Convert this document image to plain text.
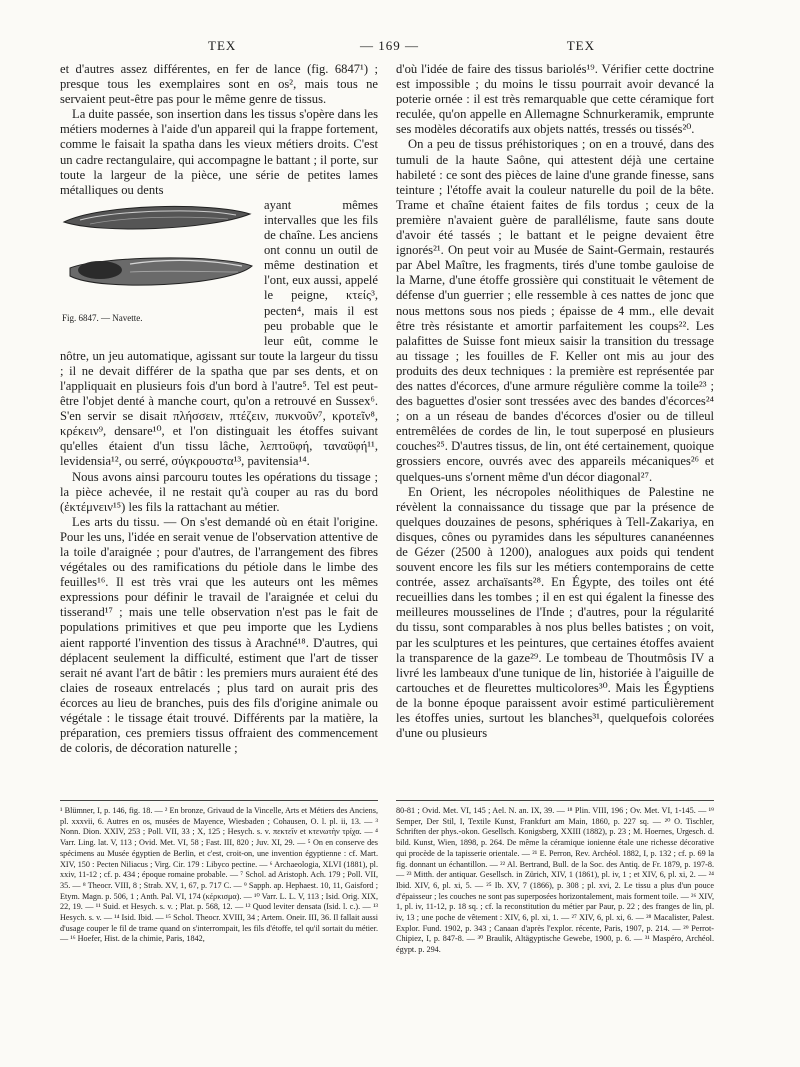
TEX	— 169 —	TEX

et d'autres assez différentes, en fer de lance (fig. 6847¹) ; presque tous les exemplaires sont en os², mais tous ne servaient peut-être pas pour le même genre de tissus.

La duite passée, son insertion dans les tissus s'opère dans les métiers modernes à l'aide d'un appareil qui la frappe fortement, comme le faisait la spatha dans les vieux métiers droits. C'est un cadre rectangulaire, qui accompagne le battant ; il porte, sur toute la largeur de la pièce, une série de petites lames métalliques ou dents

Fig. 6847. — Navette.

ayant mêmes intervalles que les fils de chaîne. Les anciens ont connu un outil de même destination et l'ont, eux aussi, appelé le peigne, κτείς³, pecten⁴, mais il est peu probable que le leur eût, comme le nôtre, un jeu automatique, agissant sur toute la largeur du tissu ; il ne devait différer de la spatha que par ses dents, et on l'appliquait en plusieurs fois d'un bord à l'autre⁵. Tel est peut-être l'objet denté à manche court, qu'on a retrouvé en Sussex⁶. S'en servir se disait πλήσσειν, πτέζειν, πυκνοῦν⁷, κροτεῖν⁸, κρέκειν⁹, densare¹⁰, et l'on distinguait les étoffes suivant qu'elles étaient d'un tissu lâche, λεπτοϋφή, ταναϋφή¹¹, levidensia¹², ou serré, σύγκρουστα¹³, pavitensia¹⁴.

Nous avons ainsi parcouru toutes les opérations du tissage ; la pièce achevée, il ne restait qu'à couper au ras du bord (ἐκτέμνειν¹⁵) les fils la rattachant au métier.

Les arts du tissu. — On s'est demandé où en était l'origine. Pour les uns, l'idée en serait venue de l'observation attentive de la toile d'araignée ; pour d'autres, de l'arrangement des fibres végétales ou des ramifications du pétiole dans le limbe des feuilles¹⁶. Il est très vrai que les auteurs ont les mêmes expressions pour définir le travail de l'araignée et celui du tisserand¹⁷ ; mais une telle observation n'est pas le fait de populations primitives et que peu importe que les Lydiens aient rapporté l'invention des tissus à Arachné¹⁸. D'autres, qui déplacent seulement la difficulté, estiment que l'art de tisser serait né avant l'art de bâtir : les premiers murs auraient été des claies de roseaux entrelacés ; plus tard on aurait pris des écorces au lieu de branches, puis des fils d'origine animale ou végétale : le tissage était trouvé. Différents par la matière, la préparation, ces premiers tissus offraient des commencement de coloris, de décoration naturelle ;

d'où l'idée de faire des tissus bariolés¹⁹. Vérifier cette doctrine est impossible ; du moins le tissu pourrait avoir devancé la poterie ornée : il est très remarquable que cette céramique fort reculée, qu'on appelle en Allemagne Schnurkeramik, emprunte ses modèles décoratifs aux objets nattés, tressés ou tissés²⁰.

On a peu de tissus préhistoriques ; on en a trouvé, dans des tumuli de la haute Saône, qui attestent déjà une certaine habileté : ce sont des pièces de laine d'une grande finesse, sans teinture ; l'étoffe avait la couleur naturelle du poil de la bête. Trame et chaîne étaient faites de fils tordus ; ceux de la première n'avaient guère de parallélisme, faute sans doute d'avoir été tassés ; le battant et le peigne devaient être ignorés²¹. On peut voir au Musée de Saint-Germain, restaurés par Abel Maître, les fragments, tirés d'une tombe gauloise de la Marne, d'une étoffe grossière qui constituait le vêtement de défense d'un guerrier ; elle ressemble à ces nattes de jonc que nous mettons sous nos pieds ; épaisse de 4 mm., elle devait être très résistante et amortir parfaitement les coups²². Les palafittes de Suisse font mieux saisir la transition du tressage au tissage ; les fouilles de F. Keller ont mis au jour des produits des deux techniques : la première est représentée par des nattes d'écorces, d'une armure régulière comme la toile²³ ; des baguettes d'osier sont tressées avec des bandes d'écorces²⁴ ; on a un réseau de bandes d'écorces d'osier ou de tilleul entremêlées de cordes de lin, le tout superposé en plusieurs couches²⁵. D'autres tissus, de lin, ont été certainement, quoique grossiers encore, ouvrés avec des appareils mécaniques²⁶ et quelques-uns s'ornent même d'un décor diagonal²⁷.

En Orient, les nécropoles néolithiques de Palestine ne révèlent la connaissance du tissage que par la présence de quelques douzaines de pesons, sphériques à Tell-Zakariya, en disques, cônes ou pyramides dans les sépultures cananéennes de Gézer (2500 à 1200), analogues aux poids qui tendent souvent encore les fils sur les métiers contemporains de cette contrée, assez archaïsants²⁸. En Égypte, des toiles ont été recueillies dans les tombes ; il en est qui égalent la finesse des meilleures mousselines de l'Inde ; d'autres, pour la régularité du tissu, sont comparables à nos plus belles batistes ; on voit, par les sculptures et les peintures, que certaines étoffes avaient la transparence de la gaze²⁹. Le tombeau de Thoutmôsis IV a livré les lambeaux d'une tunique de lin, historiée à l'aiguille de cartouches et de fleurettes multicolores³⁰. Mais les Égyptiens de la bonne époque paraissent avoir estimé particulièrement les étoffes unies, surtout les blanches³¹, quelquefois colorées d'une ou plusieurs

¹ Blümner, I, p. 146, fig. 18. — ² En bronze, Grivaud de la Vincelle, Arts et Métiers des Anciens, pl. xxxvii, 6. Autres en os, musées de Mayence, Wiesbaden ; Cohausen, O. l. pl. ii, 13. — ³ Nonn. Dion. XXIV, 253 ; Poll. VII, 33 ; X, 125 ; Hesych. s. v. πεκτεῖν et κτενωτὴν τρίχα. — ⁴ Varr. Ling. lat. V, 113 ; Ovid. Met. VI, 58 ; Fast. III, 820 ; Juv. XI, 29. — ⁵ On en conserve des spécimens au Musée égyptien de Berlin, et c'est, croit-on, une invention égyptienne : cf. Mart. XIV, 150 : Pecten Niliacus ; Virg. Cir. 179 : Libyco pectine. — ⁶ Archaeologia, XLVI (1881), pl. xxiv, 11-12 ; cf. p. 434 ; époque romaine probable. — ⁷ Schol. ad Aristoph. Ach. 179 ; Poll. VII, 35. — ⁸ Theocr. VIII, 8 ; Strab. XV, 1, 67, p. 717 C. — ⁹ Sapph. ap. Hephaest. 10, 11, Gaisford ; Etym. Magn. p. 506, 1 ; Anth. Pal. VI, 174 (κέρκισμα). — ¹⁰ Varr. L. L. V, 113 ; Isid. Orig. XIX, 22, 19. — ¹¹ Suid. et Hesych. s. v. ; Plat. p. 568, 12. — ¹² Quod leviter densata (Isid. l. c.). — ¹³ Hesych. s. v. — ¹⁴ Isid. Ibid. — ¹⁵ Schol. Theocr. XVIII, 34 ; Artem. Oneir. III, 36. Il fallait aussi d'usage couper le fil de trame quand on s'interrompait, les fils d'étoffe, tel qu'il sortait du métier. — ¹⁶ Hoefer, Hist. de la chimie, Paris, 1842,

80-81 ; Ovid. Met. VI, 145 ; Ael. N. an. IX, 39. — ¹⁸ Plin. VIII, 196 ; Ov. Met. VI, 1-145. — ¹⁹ Semper, Der Stil, I, Textile Kunst, Frankfurt am Main, 1860, p. 227 sq. — ²⁰ O. Tischler, Schriften der phys.-okon. Gesellsch. Konigsberg, XXIII (1882), p. 23 ; M. Hoernes, Urgesch. d. bild. Kunst, Wien, 1898, p. 264. De même la céramique ionienne étale une richesse décorative qui procède de la tapisserie orientale. — ²¹ E. Perron, Rev. Archéol. 1882, I, p. 132 ; cf. p. 69 la fig. donnant un échantillon. — ²² Al. Bertrand, Bull. de la Soc. des Antiq. de Fr. 1879, p. 197-8. — ²³ Mitth. der antiquar. Gesellsch. in Zürich, XIV, 1 (1861), pl. iv, 1 ; et XIV, 6, pl. xi, 2. — ²⁴ Ibid. XIV, 6, pl. xi, 5. — ²⁵ Ib. XV, 7 (1866), p. 308 ; pl. xvi, 2. Le tissu a plus d'un pouce d'épaisseur ; les couches ne sont pas superposées horizontalement, mais forment toile. — ²⁶ XIV, 1, pl. iv, 11-12, p. 18 sq. ; cf. la reconstitution du métier par Paur, p. 22 ; des franges de lin, pl. iv, 13 ; une poche de vêtement : XIV, 6, pl. xi, 1. — ²⁷ XIV, 6, pl. xi, 6. — ²⁸ Macalister, Palest. Explor. Fund. 1902, p. 343 ; Canaan d'après l'explor. récente, Paris, 1907, p. 214. — ²⁹ Perrot-Chipiez, I, p. 847-8. — ³⁰ Braulik, Altägyptische Gewebe, 1900, p. 6. — ³¹ Maspéro, Archéol. égypt. p. 294.
